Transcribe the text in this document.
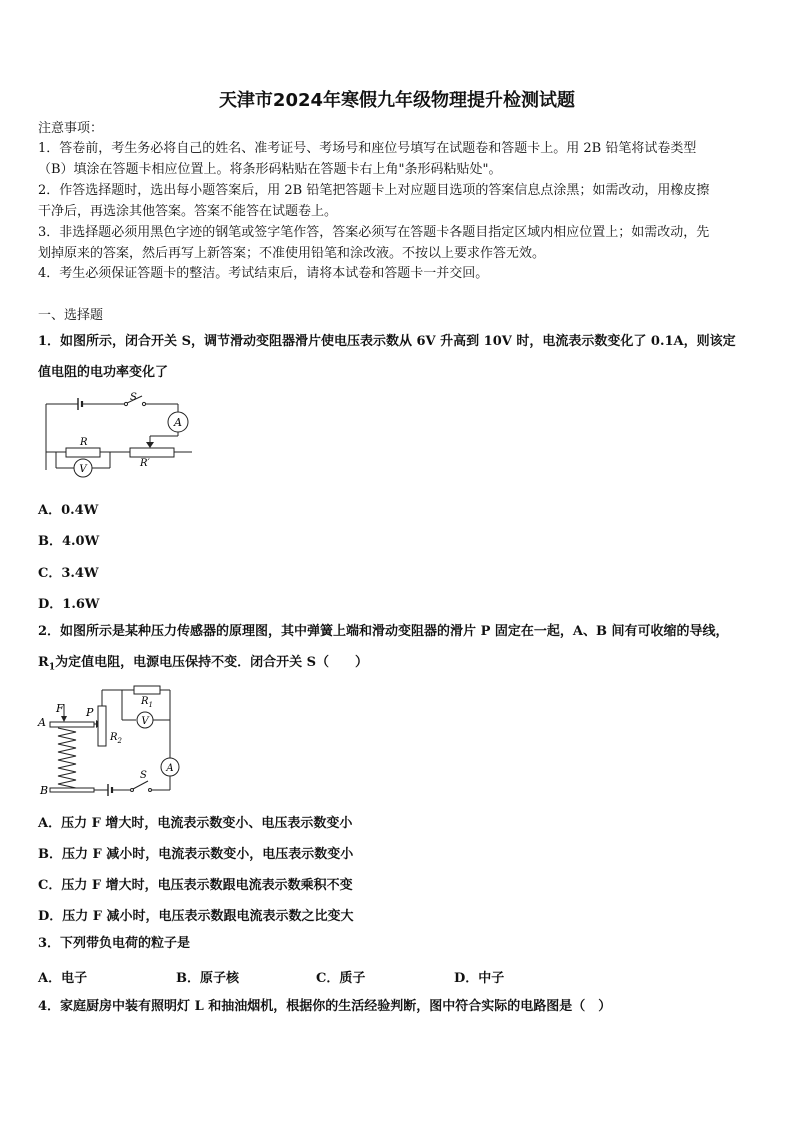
天津市2024年寒假九年级物理提升检测试题
注意事项：
1．答卷前，考生务必将自己的姓名、准考证号、考场号和座位号填写在试题卷和答题卡上。用 2B 铅笔将试卷类型
（B）填涂在答题卡相应位置上。将条形码粘贴在答题卡右上角"条形码粘贴处"。
2．作答选择题时，选出每小题答案后，用 2B 铅笔把答题卡上对应题目选项的答案信息点涂黑；如需改动，用橡皮擦
干净后，再选涂其他答案。答案不能答在试题卷上。
3．非选择题必须用黑色字迹的钢笔或签字笔作答，答案必须写在答题卡各题目指定区域内相应位置上；如需改动，先
划掉原来的答案，然后再写上新答案；不准使用铅笔和涂改液。不按以上要求作答无效。
4．考生必须保证答题卡的整洁。考试结束后，请将本试卷和答题卡一并交回。
一、选择题
1．如图所示，闭合开关 S，调节滑动变阻器滑片使电压表示数从 6V 升高到 10V 时，电流表示数变化了 0.1A，则该定
值电阻的电功率变化了
A
R
R′
V
S
A．0.4W
B．4.0W
C．3.4W
D．1.6W
2．如图所示是某种压力传感器的原理图，其中弹簧上端和滑动变阻器的滑片 P 固定在一起，A、B 间有可收缩的导线，
$R_1$为定值电阻，电源电压保持不变．闭合开关 S（　　）
A
F P
B
$R_2$
$R_1$
V
A
S
A．压力 F 增大时，电流表示数变小、电压表示数变小
B．压力 F 减小时，电流表示数变小，电压表示数变小
C．压力 F 增大时，电压表示数跟电流表示数乘积不变
D．压力 F 减小时，电压表示数跟电流表示数之比变大
3．下列带负电荷的粒子是
A．电子	B．原子核	C．质子	D．中子
4．家庭厨房中装有照明灯 L 和抽油烟机，根据你的生活经验判断，图中符合实际的电路图是（　）
